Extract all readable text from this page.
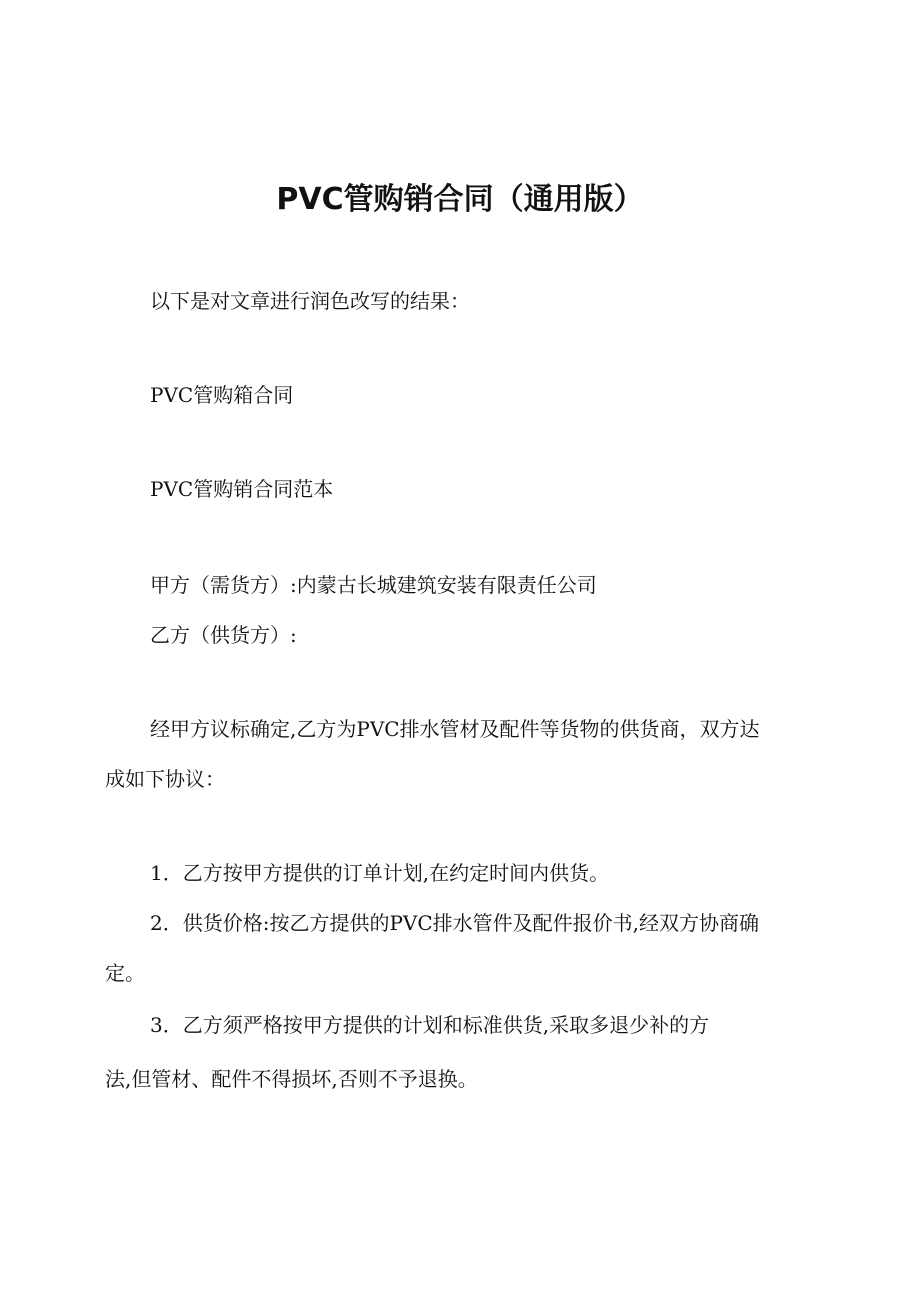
PVC管购销合同（通用版）
以下是对文章进行润色改写的结果：
PVC管购箱合同
PVC管购销合同范本
甲方（需货方）:内蒙古长城建筑安装有限责任公司
乙方（供货方）:
经甲方议标确定,乙方为PVC排水管材及配件等货物的供货商，双方达
成如下协议：
1．乙方按甲方提供的订单计划,在约定时间内供货。
2．供货价格:按乙方提供的PVC排水管件及配件报价书,经双方协商确
定。
3．乙方须严格按甲方提供的计划和标准供货,采取多退少补的方
法,但管材、配件不得损坏,否则不予退换。
